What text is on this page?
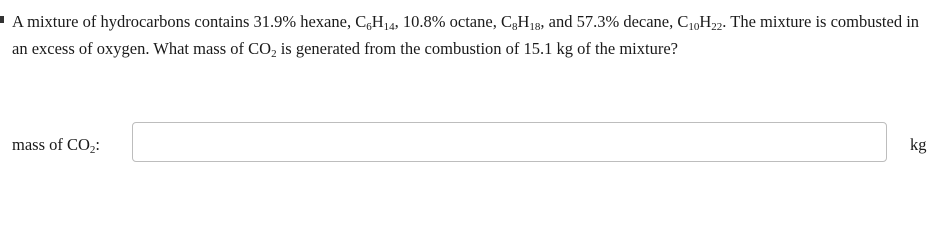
A mixture of hydrocarbons contains 31.9% hexane, $C_6H_{14}$, 10.8% octane, $C_8H_{18}$, and 57.3% decane, $C_{10}H_{22}$. The mixture is combusted in an excess of oxygen. What mass of $CO_2$ is generated from the combustion of 15.1 kg of the mixture?
mass of $CO_2$:	kg
